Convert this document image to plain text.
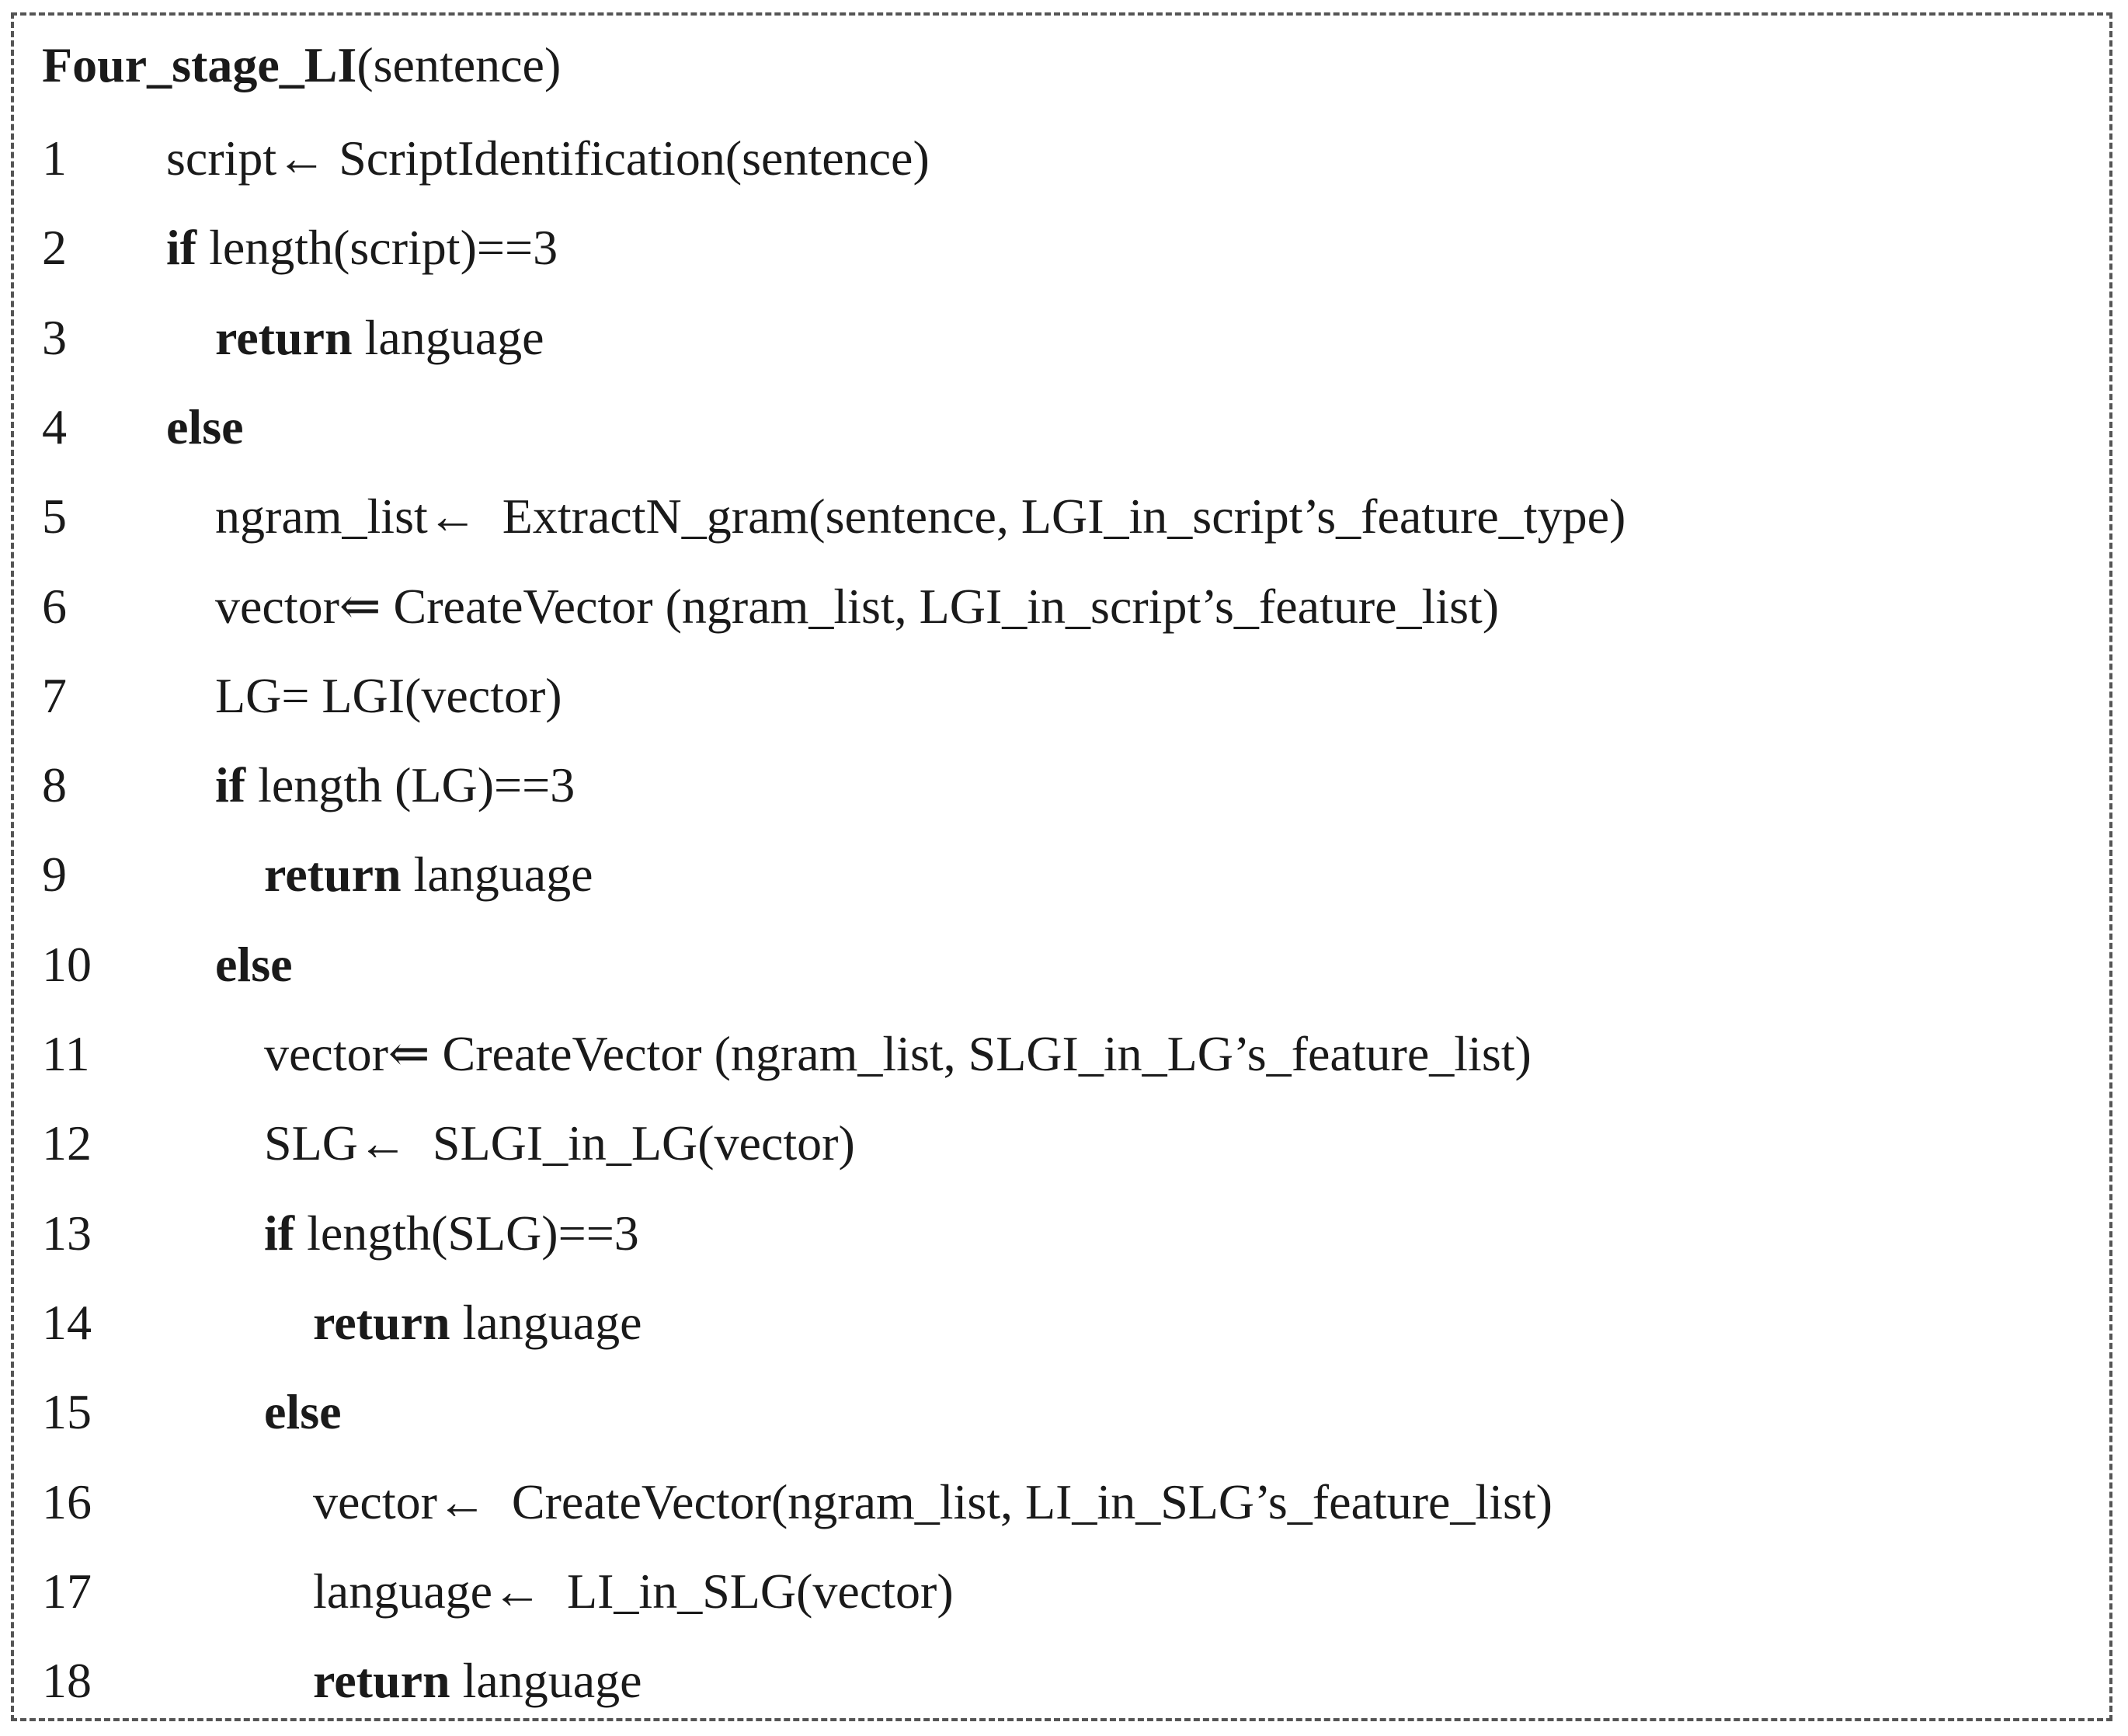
Four_stage_LI(sentence)
1	script← ScriptIdentification(sentence)
2	if length(script)==3
3	return language
4	else
5	ngram_list←  ExtractN_gram(sentence, LGI_in_script’s_feature_type)
6	vector⇐ CreateVector (ngram_list, LGI_in_script’s_feature_list)
7	LG= LGI(vector)
8	if length (LG)==3
9	return language
10	else
11	vector⇐ CreateVector (ngram_list, SLGI_in_LG’s_feature_list)
12	SLG←  SLGI_in_LG(vector)
13	if length(SLG)==3
14	return language
15	else
16	vector←  CreateVector(ngram_list, LI_in_SLG’s_feature_list)
17	language←  LI_in_SLG(vector)
18	return language
